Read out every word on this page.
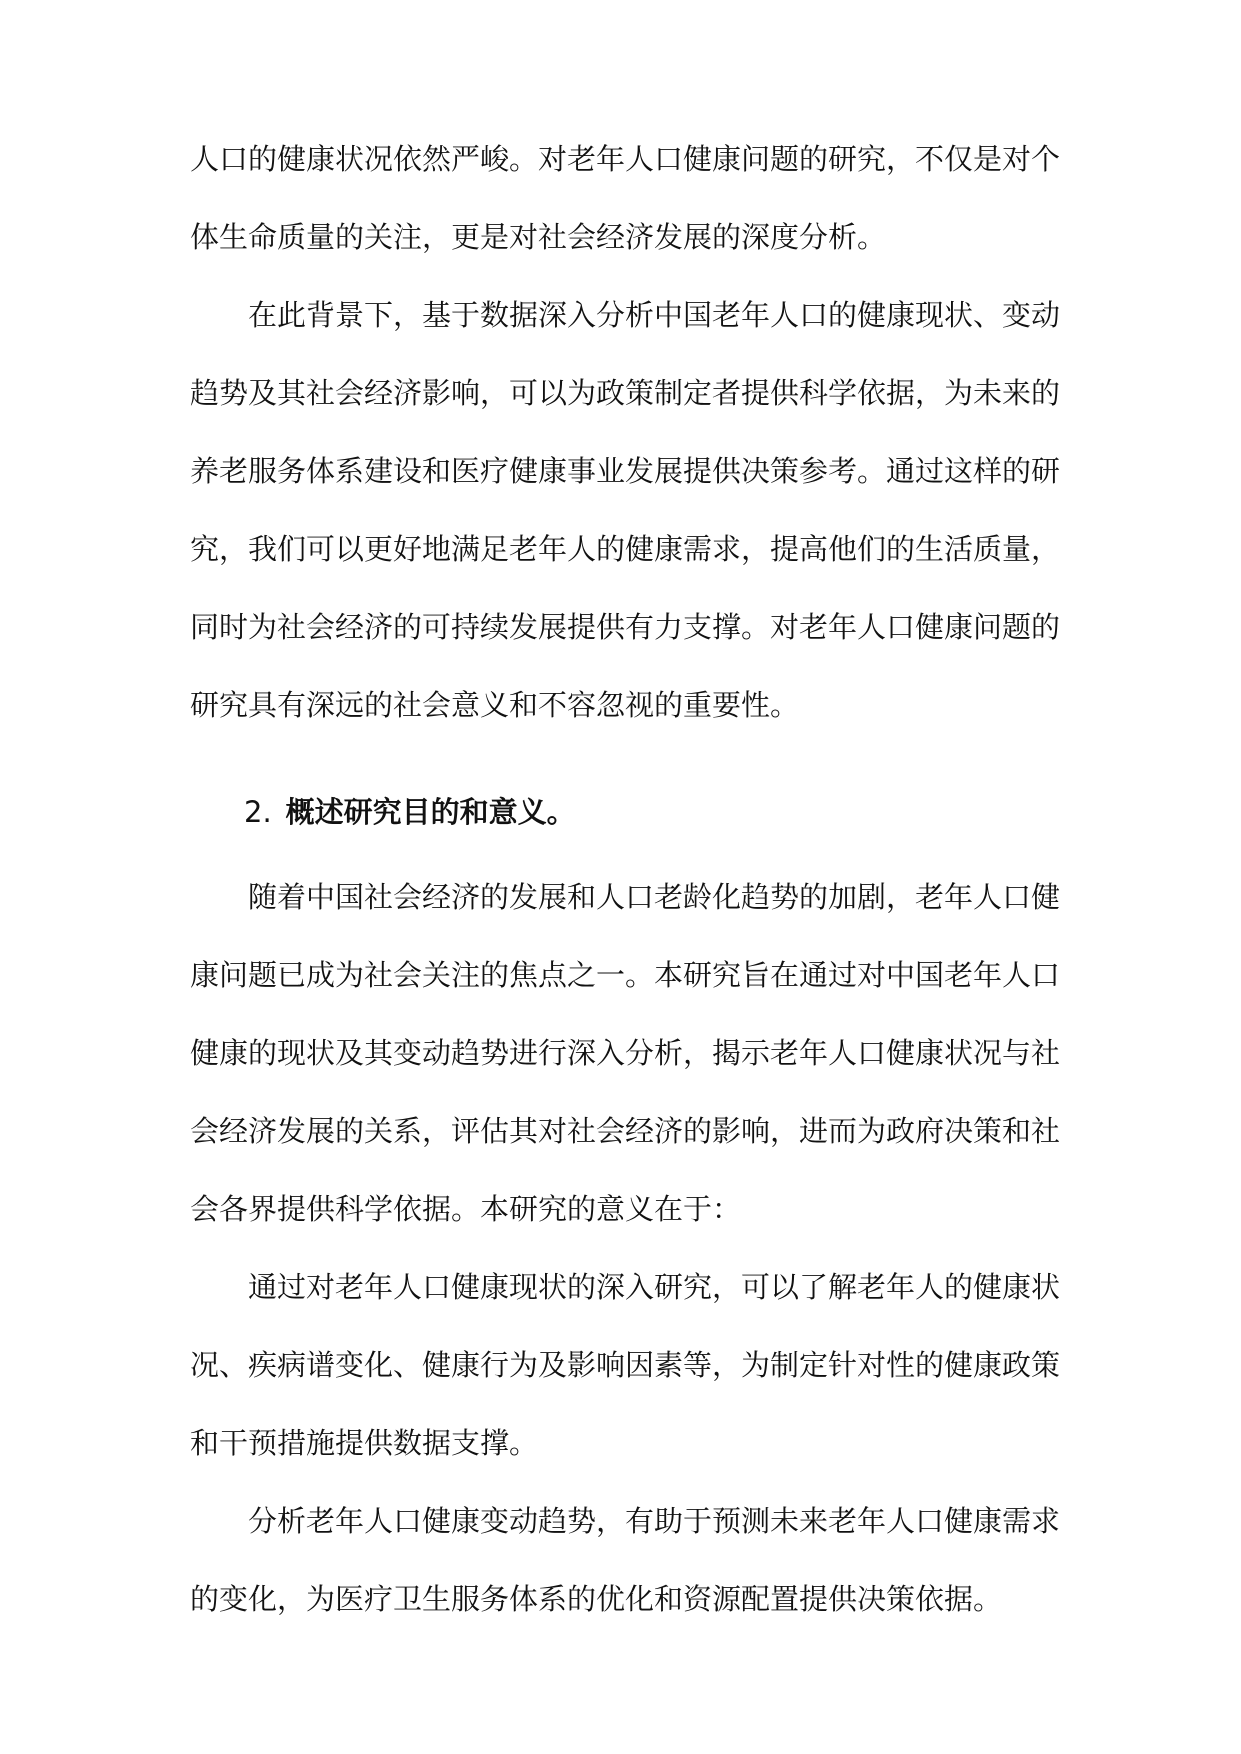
人口的健康状况依然严峻。对老年人口健康问题的研究，不仅是对个体生命质量的关注，更是对社会经济发展的深度分析。

在此背景下，基于数据深入分析中国老年人口的健康现状、变动趋势及其社会经济影响，可以为政策制定者提供科学依据，为未来的养老服务体系建设和医疗健康事业发展提供决策参考。通过这样的研究，我们可以更好地满足老年人的健康需求，提高他们的生活质量，同时为社会经济的可持续发展提供有力支撑。对老年人口健康问题的研究具有深远的社会意义和不容忽视的重要性。

2. 概述研究目的和意义。

随着中国社会经济的发展和人口老龄化趋势的加剧，老年人口健康问题已成为社会关注的焦点之一。本研究旨在通过对中国老年人口健康的现状及其变动趋势进行深入分析，揭示老年人口健康状况与社会经济发展的关系，评估其对社会经济的影响，进而为政府决策和社会各界提供科学依据。本研究的意义在于：

通过对老年人口健康现状的深入研究，可以了解老年人的健康状况、疾病谱变化、健康行为及影响因素等，为制定针对性的健康政策和干预措施提供数据支撑。

分析老年人口健康变动趋势，有助于预测未来老年人口健康需求的变化，为医疗卫生服务体系的优化和资源配置提供决策依据。
